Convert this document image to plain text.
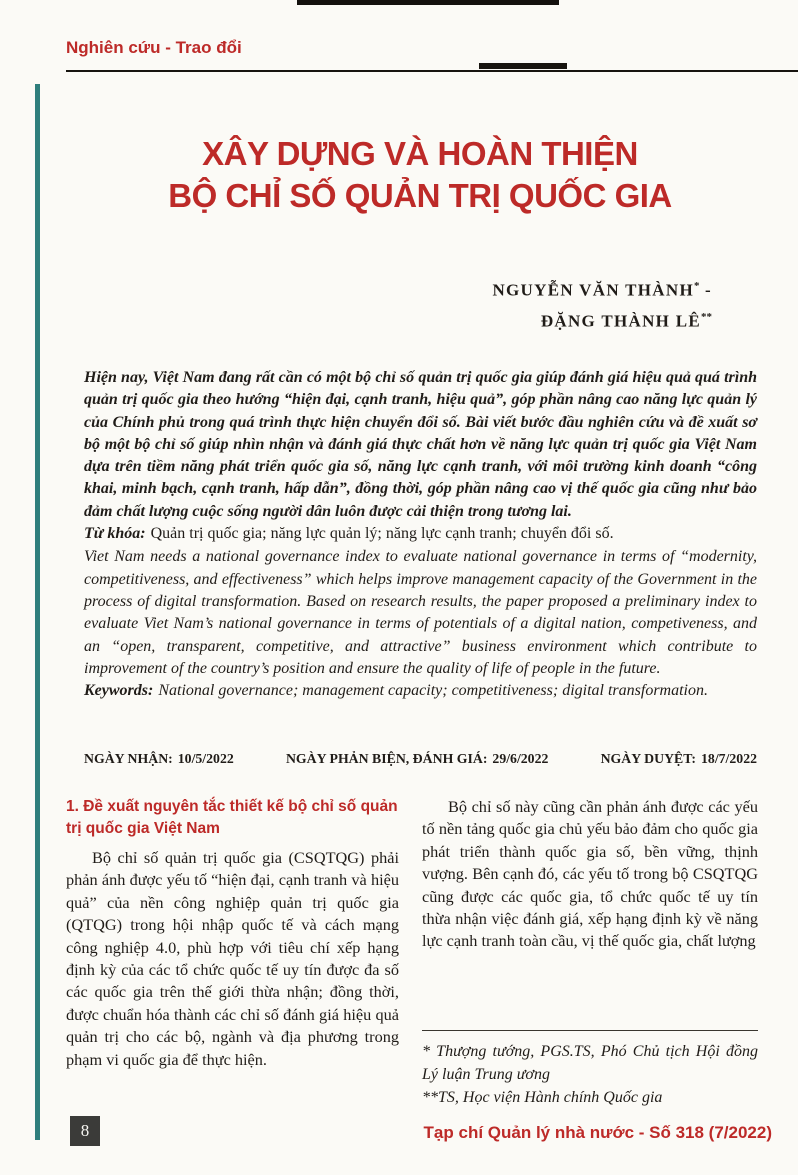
Nghiên cứu - Trao đổi
XÂY DỰNG VÀ HOÀN THIỆN
BỘ CHỈ SỐ QUẢN TRỊ QUỐC GIA
NGUYỄN VĂN THÀNH* -
ĐẶNG THÀNH LÊ**

Hiện nay, Việt Nam đang rất cần có một bộ chỉ số quản trị quốc gia giúp đánh giá hiệu quả quá trình quản trị quốc gia theo hướng “hiện đại, cạnh tranh, hiệu quả”, góp phần nâng cao năng lực quản lý của Chính phủ trong quá trình thực hiện chuyển đổi số. Bài viết bước đầu nghiên cứu và đề xuất sơ bộ một bộ chỉ số giúp nhìn nhận và đánh giá thực chất hơn về năng lực quản trị quốc gia Việt Nam dựa trên tiềm năng phát triển quốc gia số, năng lực cạnh tranh, với môi trường kinh doanh “công khai, minh bạch, cạnh tranh, hấp dẫn”, đồng thời, góp phần nâng cao vị thế quốc gia cũng như bảo đảm chất lượng cuộc sống người dân luôn được cải thiện trong tương lai.

Từ khóa: Quản trị quốc gia; năng lực quản lý; năng lực cạnh tranh; chuyển đổi số.

Viet Nam needs a national governance index to evaluate national governance in terms of “modernity, competitiveness, and effectiveness” which helps improve management capacity of the Government in the process of digital transformation. Based on research results, the paper proposed a preliminary index to evaluate Viet Nam’s national governance in terms of potentials of a digital nation, competiveness, and an “open, transparent, competitive, and attractive” business environment which contribute to improvement of the country’s position and ensure the quality of life of people in the future.

Keywords: National governance; management capacity; competitiveness; digital transformation.

NGÀY NHẬN: 10/5/2022	NGÀY PHẢN BIỆN, ĐÁNH GIÁ: 29/6/2022	NGÀY DUYỆT: 18/7/2022
1. Đề xuất nguyên tắc thiết kế bộ chỉ số quản trị quốc gia Việt Nam

Bộ chỉ số quản trị quốc gia (CSQTQG) phải phản ánh được yếu tố “hiện đại, cạnh tranh và hiệu quả” của nền công nghiệp quản trị quốc gia (QTQG) trong hội nhập quốc tế và cách mạng công nghiệp 4.0, phù hợp với tiêu chí xếp hạng định kỳ của các tổ chức quốc tế uy tín được đa số các quốc gia trên thế giới thừa nhận; đồng thời, được chuẩn hóa thành các chỉ số đánh giá hiệu quả quản trị cho các bộ, ngành và địa phương trong phạm vi quốc gia để thực hiện.

Bộ chỉ số này cũng cần phản ánh được các yếu tố nền tảng quốc gia chủ yếu bảo đảm cho quốc gia phát triển thành quốc gia số, bền vững, thịnh vượng. Bên cạnh đó, các yếu tố trong bộ CSQTQG cũng được các quốc gia, tổ chức quốc tế uy tín thừa nhận việc đánh giá, xếp hạng định kỳ về năng lực cạnh tranh toàn cầu, vị thế quốc gia, chất lượng

* Thượng tướng, PGS.TS, Phó Chủ tịch Hội đồng Lý luận Trung ương

**TS, Học viện Hành chính Quốc gia

8	Tạp chí Quản lý nhà nước - Số 318 (7/2022)
